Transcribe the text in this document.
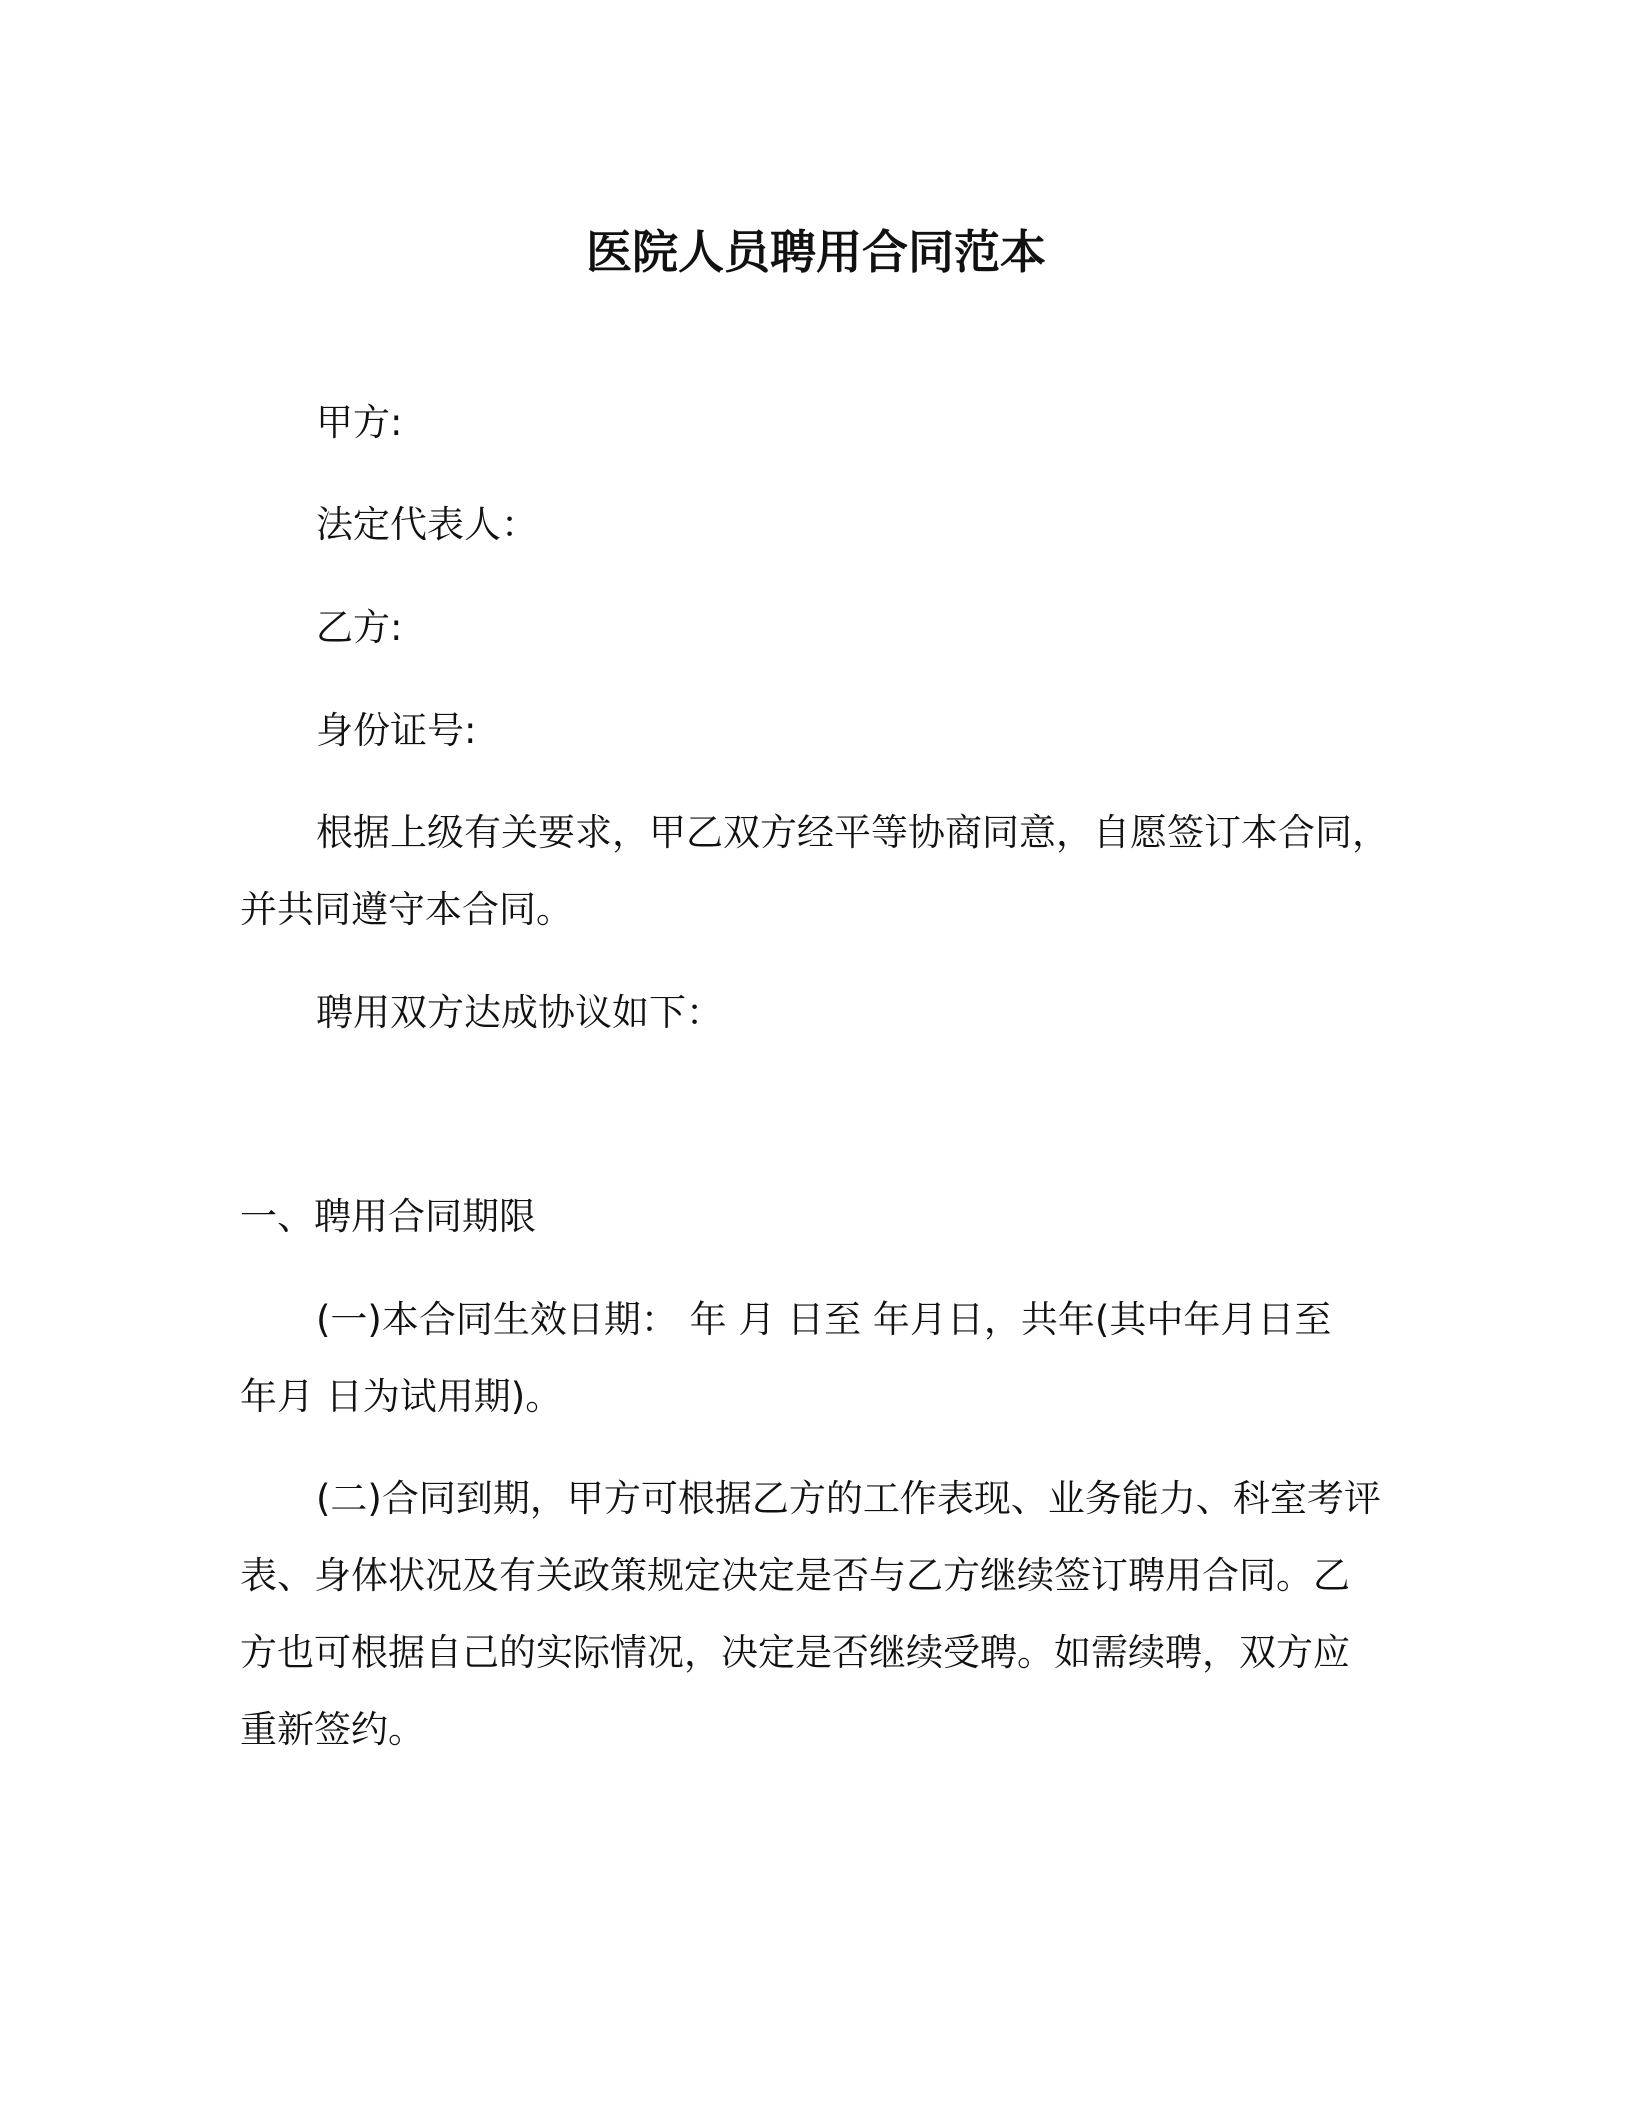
医院人员聘用合同范本
甲方:
法定代表人：
乙方:
身份证号:
根据上级有关要求，甲乙双方经平等协商同意，自愿签订本合同，
并共同遵守本合同。
聘用双方达成协议如下：
一、聘用合同期限
(一)本合同生效日期： 年 月 日至 年月日，共年(其中年月日至
年月 日为试用期)。
(二)合同到期，甲方可根据乙方的工作表现、业务能力、科室考评
表、身体状况及有关政策规定决定是否与乙方继续签订聘用合同。乙
方也可根据自己的实际情况，决定是否继续受聘。如需续聘，双方应
重新签约。
